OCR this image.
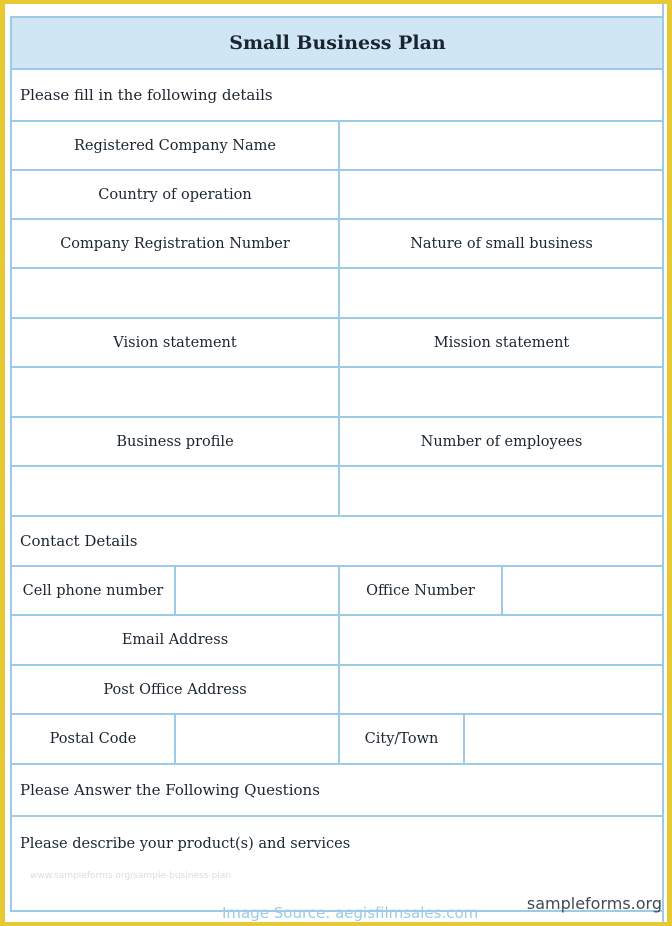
Small Business Plan
Please fill in the following details
Registered Company Name
Country of operation
Company Registration Number	Nature of small business
Vision statement	Mission statement
Business profile	Number of employees
Contact Details
Cell phone number	Office Number
Email Address
Post Office Address
Postal Code	City/Town
Please Answer the Following Questions
Please describe your product(s) and services
www.sampleforms.org/sample-business-plan
Image Source: aegisfilmsales.com	sampleforms.org
